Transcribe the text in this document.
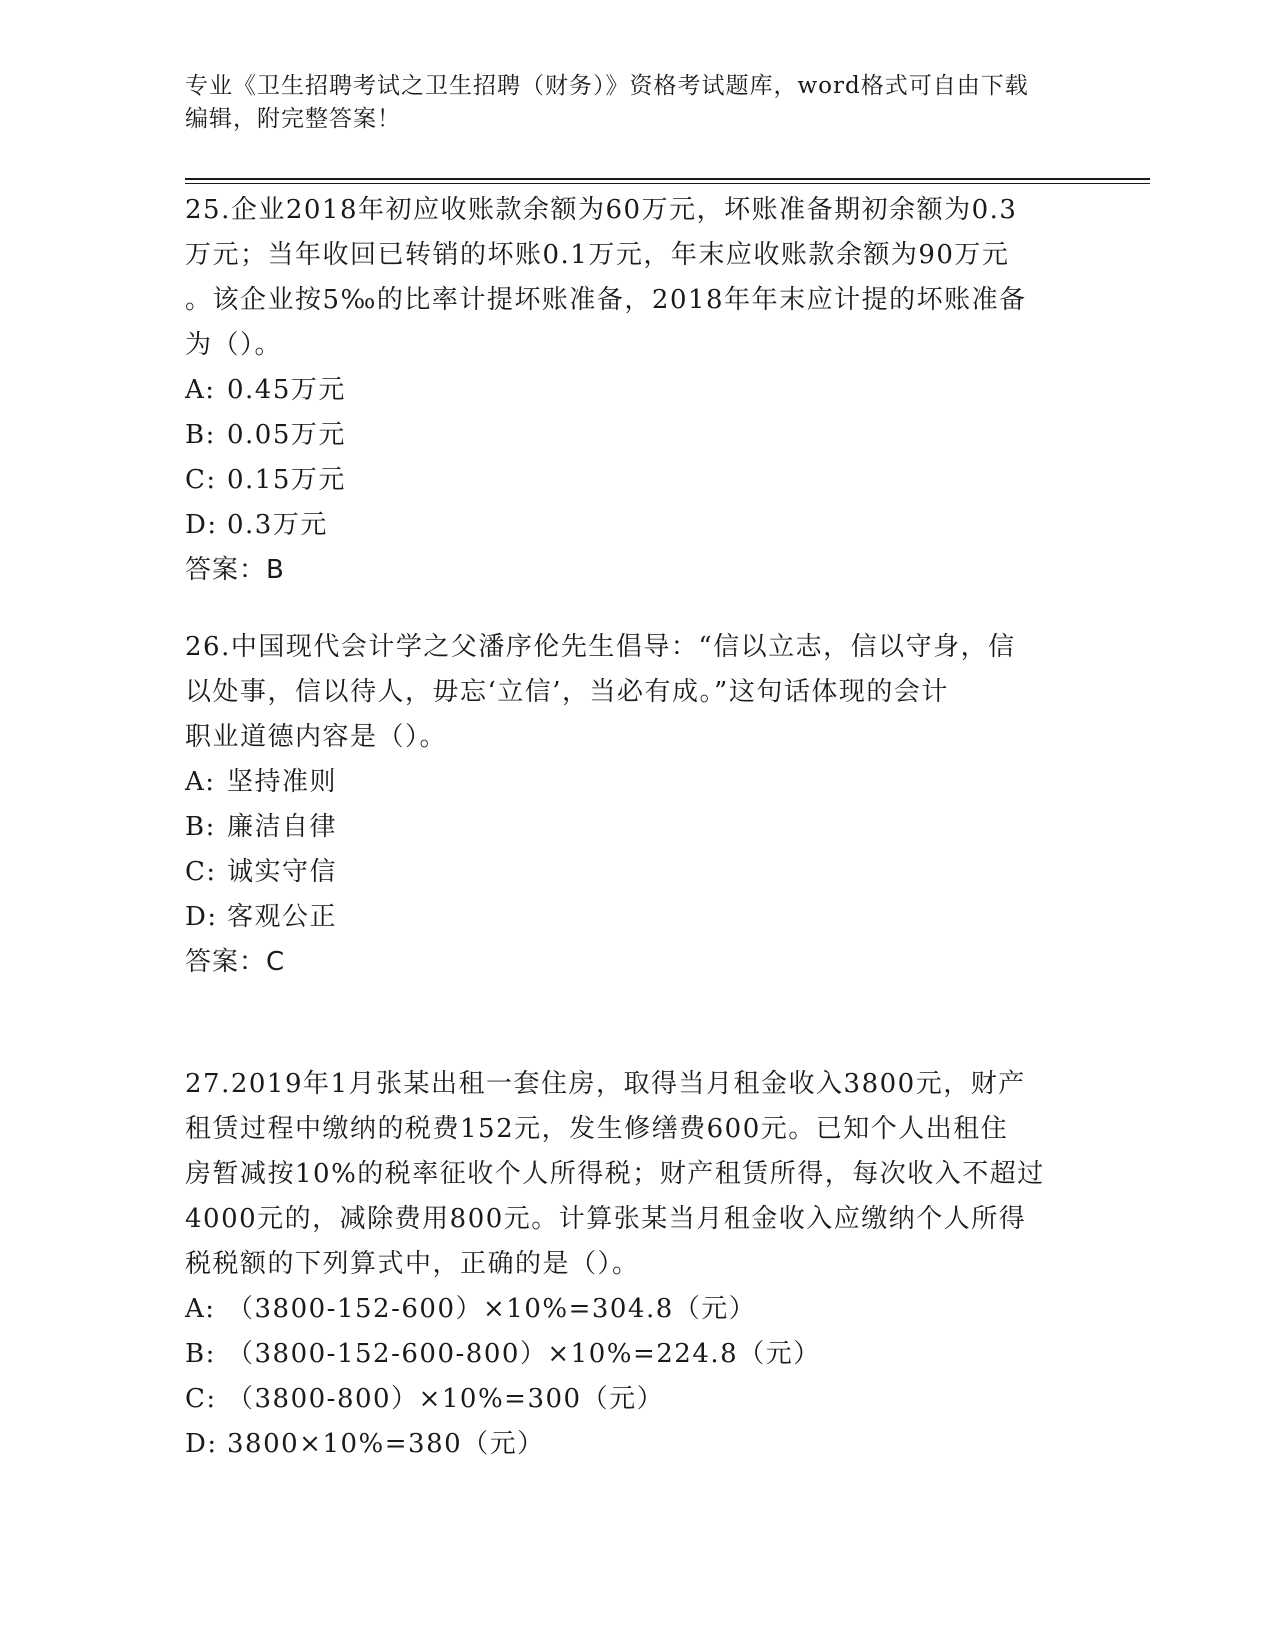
专业《卫生招聘考试之卫生招聘（财务）》资格考试题库，word格式可自由下载
编辑，附完整答案！
25.企业2018年初应收账款余额为60万元，坏账准备期初余额为0.3
万元；当年收回已转销的坏账0.1万元，年末应收账款余额为90万元
。该企业按5‰的比率计提坏账准备，2018年年末应计提的坏账准备
为（）。
A: 0.45万元
B: 0.05万元
C: 0.15万元
D: 0.3万元
答案：B
26.中国现代会计学之父潘序伦先生倡导：“信以立志，信以守身，信
以处事，信以待人，毋忘‘立信’，当必有成。”这句话体现的会计
职业道德内容是（）。
A: 坚持准则
B: 廉洁自律
C: 诚实守信
D: 客观公正
答案：C
27.2019年1月张某出租一套住房，取得当月租金收入3800元，财产
租赁过程中缴纳的税费152元，发生修缮费600元。已知个人出租住
房暂减按10%的税率征收个人所得税；财产租赁所得，每次收入不超过
4000元的，减除费用800元。计算张某当月租金收入应缴纳个人所得
税税额的下列算式中，正确的是（）。
A: （3800-152-600）×10%=304.8（元）
B: （3800-152-600-800）×10%=224.8（元）
C: （3800-800）×10%=300（元）
D: 3800×10%=380（元）
